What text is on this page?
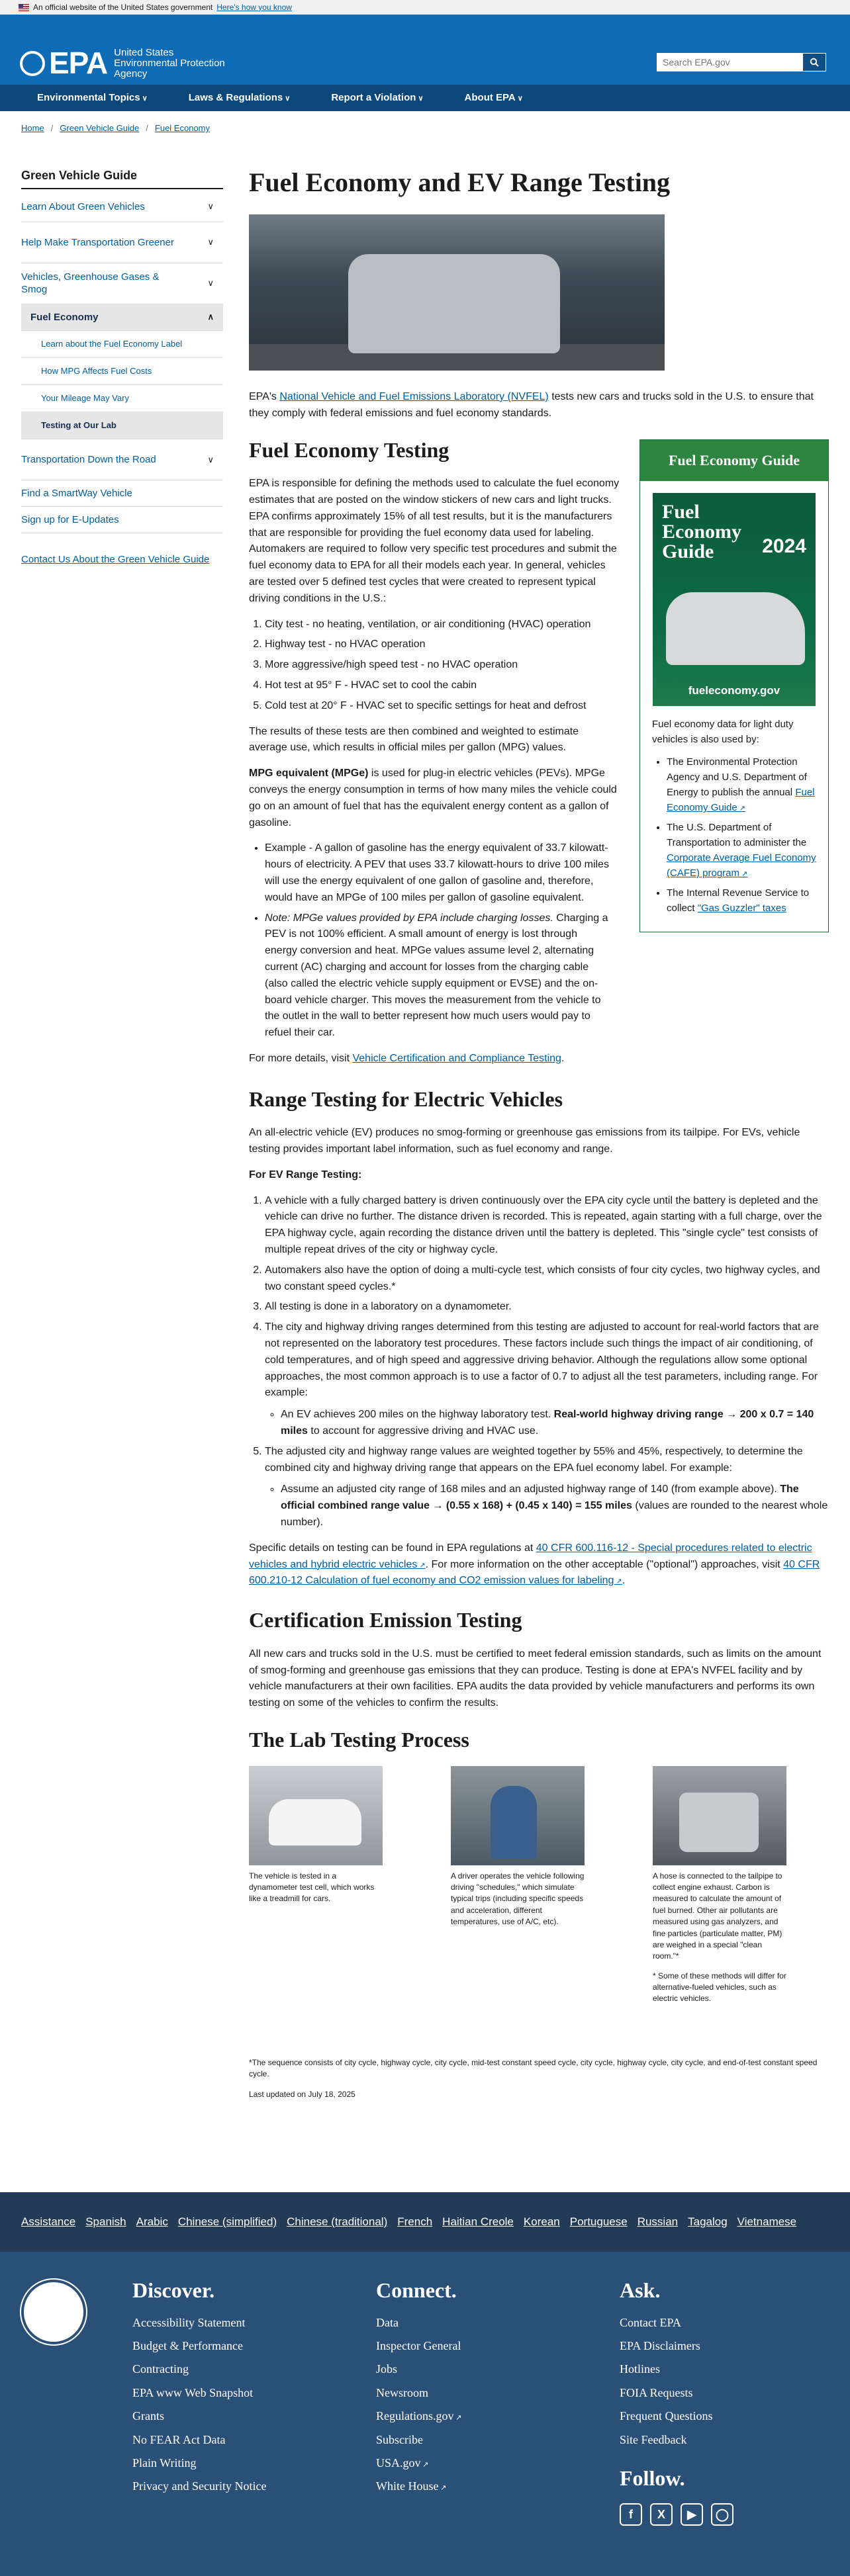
An official website of the United States government Here's how you know
EPA United States
Environmental Protection
Agency
Search EPA.gov
Environmental Topics ∨	Laws & Regulations ∨	Report a Violation ∨	About EPA ∨
Home / Green Vehicle Guide / Fuel Economy
Green Vehicle Guide
Learn About Green Vehicles	∨
Help Make Transportation Greener	∨
Vehicles, Greenhouse Gases & Smog
∨
Fuel Economy	∧
Learn about the Fuel Economy Label
How MPG Affects Fuel Costs
Your Mileage May Vary
Testing at Our Lab
Transportation Down the Road	∨
Find a SmartWay Vehicle
Sign up for E-Updates
Contact Us About the Green Vehicle Guide
Fuel Economy and EV Range Testing

EPA's National Vehicle and Fuel Emissions Laboratory (NVFEL) tests new cars and trucks sold in the U.S. to ensure that they comply with federal emissions and fuel economy standards.

Fuel Economy Testing

EPA is responsible for defining the methods used to calculate the fuel economy estimates that are posted on the window stickers of new cars and light trucks. EPA confirms approximately 15% of all test results, but it is the manufacturers that are responsible for providing the fuel economy data used for labeling. Automakers are required to follow very specific test procedures and submit the fuel economy data to EPA for all their models each year. In general, vehicles are tested over 5 defined test cycles that were created to represent typical driving conditions in the U.S.:

1. City test - no heating, ventilation, or air conditioning (HVAC) operation
2. Highway test - no HVAC operation
3. More aggressive/high speed test - no HVAC operation
4. Hot test at 95° F - HVAC set to cool the cabin
5. Cold test at 20° F - HVAC set to specific settings for heat and defrost

The results of these tests are then combined and weighted to estimate average use, which results in official miles per gallon (MPG) values.

MPG equivalent (MPGe) is used for plug-in electric vehicles (PEVs). MPGe conveys the energy consumption in terms of how many miles the vehicle could go on an amount of fuel that has the equivalent energy content as a gallon of gasoline.

• Example - A gallon of gasoline has the energy equivalent of 33.7 kilowatt-hours of electricity. A PEV that uses 33.7 kilowatt-hours to drive 100 miles will use the energy equivalent of one gallon of gasoline and, therefore, would have an MPGe of 100 miles per gallon of gasoline equivalent.
• Note: MPGe values provided by EPA include charging losses. Charging a PEV is not 100% efficient. A small amount of energy is lost through energy conversion and heat. MPGe values assume level 2, alternating current (AC) charging and account for losses from the charging cable (also called the electric vehicle supply equipment or EVSE) and the on-board vehicle charger. This moves the measurement from the vehicle to the outlet in the wall to better represent how much users would pay to refuel their car.

For more details, visit Vehicle Certification and Compliance Testing.

Range Testing for Electric Vehicles

An all-electric vehicle (EV) produces no smog-forming or greenhouse gas emissions from its tailpipe. For EVs, vehicle testing provides important label information, such as fuel economy and range.

For EV Range Testing:

1. A vehicle with a fully charged battery is driven continuously over the EPA city cycle until the battery is depleted and the vehicle can drive no further. The distance driven is recorded. This is repeated, again starting with a full charge, over the EPA highway cycle, again recording the distance driven until the battery is depleted. This "single cycle" test consists of multiple repeat drives of the city or highway cycle.
2. Automakers also have the option of doing a multi-cycle test, which consists of four city cycles, two highway cycles, and two constant speed cycles.*
3. All testing is done in a laboratory on a dynamometer.
4. The city and highway driving ranges determined from this testing are adjusted to account for real-world factors that are not represented on the laboratory test procedures. These factors include such things the impact of air conditioning, of cold temperatures, and of high speed and aggressive driving behavior. Although the regulations allow some optional approaches, the most common approach is to use a factor of 0.7 to adjust all the test parameters, including range. For example:
◦ An EV achieves 200 miles on the highway laboratory test. Real-world highway driving range → 200 x 0.7 = 140 miles to account for aggressive driving and HVAC use.
5. The adjusted city and highway range values are weighted together by 55% and 45%, respectively, to determine the combined city and highway driving range that appears on the EPA fuel economy label. For example:
◦ Assume an adjusted city range of 168 miles and an adjusted highway range of 140 (from example above). The official combined range value → (0.55 x 168) + (0.45 x 140) = 155 miles (values are rounded to the nearest whole number).

Specific details on testing can be found in EPA regulations at 40 CFR 600.116-12 - Special procedures related to electric vehicles and hybrid electric vehicles ↗ . For more information on the other acceptable ("optional") approaches, visit 40 CFR 600.210-12 Calculation of fuel economy and CO2 emission values for labeling ↗ .

Certification Emission Testing

All new cars and trucks sold in the U.S. must be certified to meet federal emission standards, such as limits on the amount of smog-forming and greenhouse gas emissions that they can produce. Testing is done at EPA's NVFEL facility and by vehicle manufacturers at their own facilities. EPA audits the data provided by vehicle manufacturers and performs its own testing on some of the vehicles to confirm the results.

The Lab Testing Process
The vehicle is tested in a dynamometer test cell, which works like a treadmill for cars.
A driver operates the vehicle following driving "schedules," which simulate typical trips (including specific speeds and acceleration, different temperatures, use of A/C, etc).
A hose is connected to the tailpipe to collect engine exhaust. Carbon is measured to calculate the amount of fuel burned. Other air pollutants are measured using gas analyzers, and fine particles (particulate matter, PM) are weighed in a special "clean room."*
* Some of these methods will differ for alternative-fueled vehicles, such as electric vehicles.

*The sequence consists of city cycle, highway cycle, city cycle, mid-test constant speed cycle, city cycle, highway cycle, city cycle, and end-of-test constant speed cycle.

Last updated on July 18, 2025

Fuel Economy Guide
Fuel Economy Guide	2024
fueleconomy.gov
Fuel economy data for light duty vehicles is also used by:
• The Environmental Protection Agency and U.S. Department of Energy to publish the annual Fuel Economy Guide ↗
• The U.S. Department of Transportation to administer the Corporate Average Fuel Economy (CAFE) program ↗
• The Internal Revenue Service to collect "Gas Guzzler" taxes
Assistance Spanish Arabic Chinese (simplified) Chinese (traditional) French Haitian Creole Korean Portuguese Russian Tagalog Vietnamese
Discover.
Accessibility Statement
Budget & Performance
Contracting
EPA www Web Snapshot
Grants
No FEAR Act Data
Plain Writing
Privacy and Security Notice
Connect.
Data
Inspector General
Jobs
Newsroom
Regulations.gov ↗
Subscribe
USA.gov ↗
White House ↗
Ask.
Contact EPA
EPA Disclaimers
Hotlines
FOIA Requests
Frequent Questions
Site Feedback
Follow.
f X ▶ ◯
